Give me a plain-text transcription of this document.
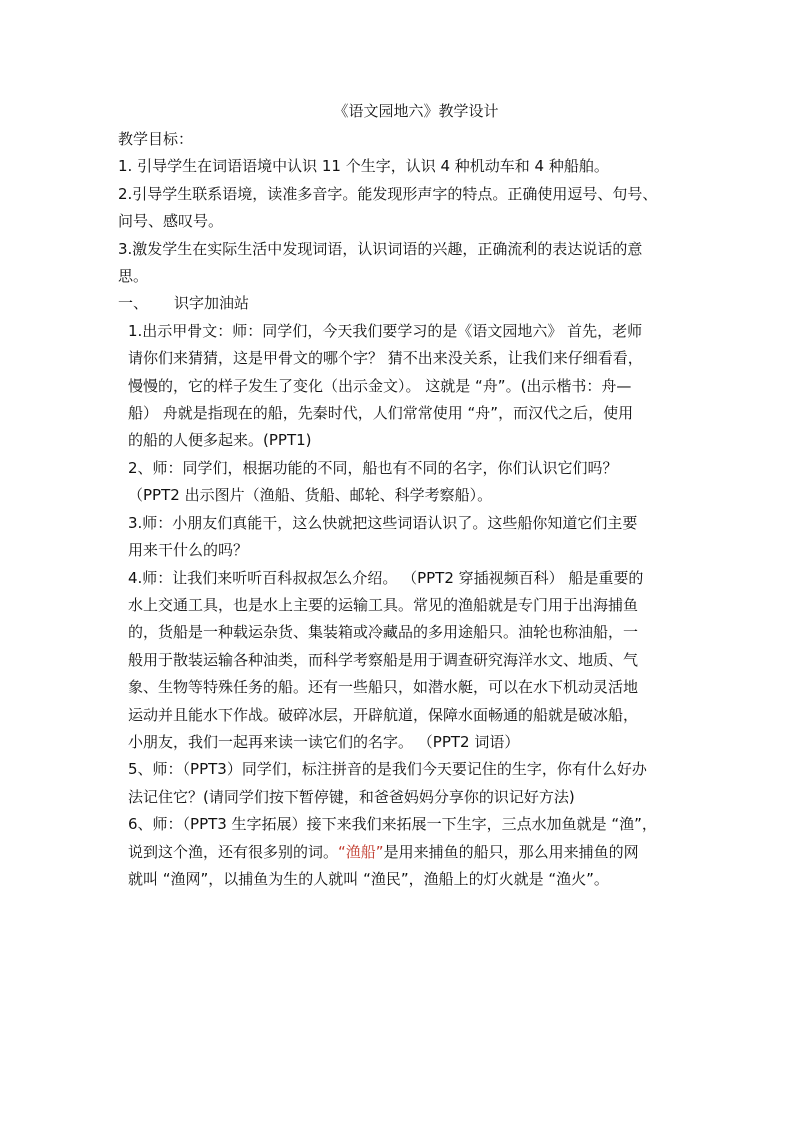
《语文园地六》教学设计

教学目标：

1. 引导学生在词语语境中认识 11 个生字，认识 4 种机动车和 4 种船舶。

2.引导学生联系语境，读准多音字。能发现形声字的特点。正确使用逗号、句号、
问号、感叹号。

3.激发学生在实际生活中发现词语，认识词语的兴趣，正确流利的表达说话的意
思。

一、 识字加油站

1.出示甲骨文：师：同学们，今天我们要学习的是《语文园地六》 首先，老师
请你们来猜猜，这是甲骨文的哪个字？ 猜不出来没关系，让我们来仔细看看，
慢慢的，它的样子发生了变化（出示金文）。 这就是 “舟”。(出示楷书：舟—
船） 舟就是指现在的船，先秦时代，人们常常使用 “舟”，而汉代之后，使用
的船的人便多起来。(PPT1)

2、师：同学们，根据功能的不同，船也有不同的名字，你们认识它们吗？
（PPT2 出示图片（渔船、货船、邮轮、科学考察船）。

3.师：小朋友们真能干，这么快就把这些词语认识了。这些船你知道它们主要
用来干什么的吗？

4.师：让我们来听听百科叔叔怎么介绍。 （PPT2 穿插视频百科） 船是重要的
水上交通工具，也是水上主要的运输工具。常见的渔船就是专门用于出海捕鱼
的，货船是一种载运杂货、集装箱或冷藏品的多用途船只。油轮也称油船，一
般用于散装运输各种油类，而科学考察船是用于调查研究海洋水文、地质、气
象、生物等特殊任务的船。还有一些船只，如潜水艇，可以在水下机动灵活地
运动并且能水下作战。破碎冰层，开辟航道，保障水面畅通的船就是破冰船，
小朋友，我们一起再来读一读它们的名字。 （PPT2 词语）

5、师：（PPT3）同学们，标注拼音的是我们今天要记住的生字，你有什么好办
法记住它？(请同学们按下暂停键，和爸爸妈妈分享你的识记好方法)

6、师：（PPT3 生字拓展）接下来我们来拓展一下生字，三点水加鱼就是 “渔”，
说到这个渔，还有很多别的词。“渔船”是用来捕鱼的船只，那么用来捕鱼的网
就叫 “渔网”，以捕鱼为生的人就叫 “渔民”，渔船上的灯火就是 “渔火”。
